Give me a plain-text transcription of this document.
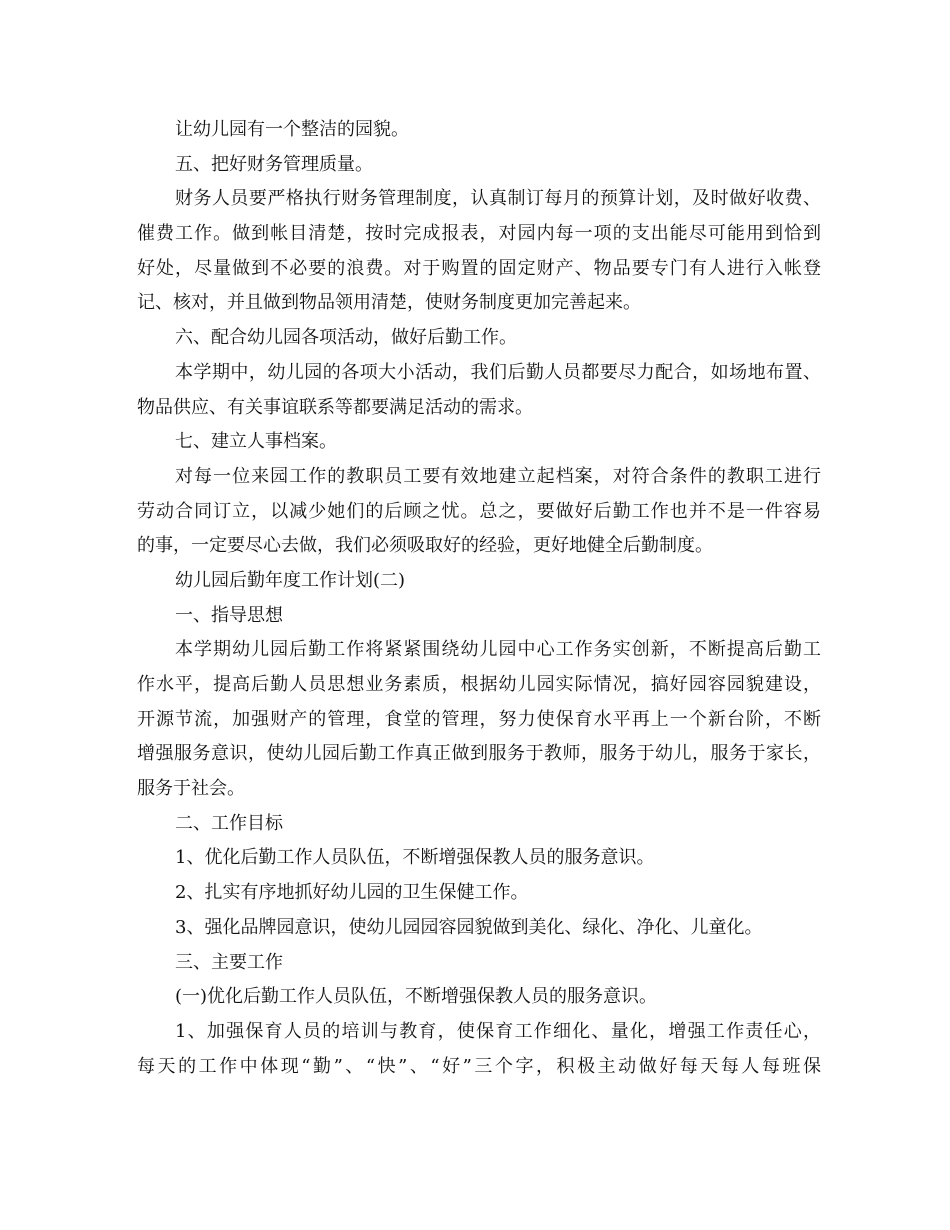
让幼儿园有一个整洁的园貌。
五、把好财务管理质量。
财务人员要严格执行财务管理制度，认真制订每月的预算计划，及时做好收费、
催费工作。做到帐目清楚，按时完成报表，对园内每一项的支出能尽可能用到恰到
好处，尽量做到不必要的浪费。对于购置的固定财产、物品要专门有人进行入帐登
记、核对，并且做到物品领用清楚，使财务制度更加完善起来。
六、配合幼儿园各项活动，做好后勤工作。
本学期中，幼儿园的各项大小活动，我们后勤人员都要尽力配合，如场地布置、
物品供应、有关事谊联系等都要满足活动的需求。
七、建立人事档案。
对每一位来园工作的教职员工要有效地建立起档案，对符合条件的教职工进行
劳动合同订立，以减少她们的后顾之忧。总之，要做好后勤工作也并不是一件容易
的事，一定要尽心去做，我们必须吸取好的经验，更好地健全后勤制度。
幼儿园后勤年度工作计划(二)
一、指导思想
本学期幼儿园后勤工作将紧紧围绕幼儿园中心工作务实创新，不断提高后勤工
作水平，提高后勤人员思想业务素质，根据幼儿园实际情况，搞好园容园貌建设，
开源节流，加强财产的管理，食堂的管理，努力使保育水平再上一个新台阶，不断
增强服务意识，使幼儿园后勤工作真正做到服务于教师，服务于幼儿，服务于家长，
服务于社会。
二、工作目标
1、优化后勤工作人员队伍，不断增强保教人员的服务意识。
2、扎实有序地抓好幼儿园的卫生保健工作。
3、强化品牌园意识，使幼儿园园容园貌做到美化、绿化、净化、儿童化。
三、主要工作
(一)优化后勤工作人员队伍，不断增强保教人员的服务意识。
1、加强保育人员的培训与教育，使保育工作细化、量化，增强工作责任心，
每天的工作中体现“勤”、“快”、“好”三个字，积极主动做好每天每人每班保
